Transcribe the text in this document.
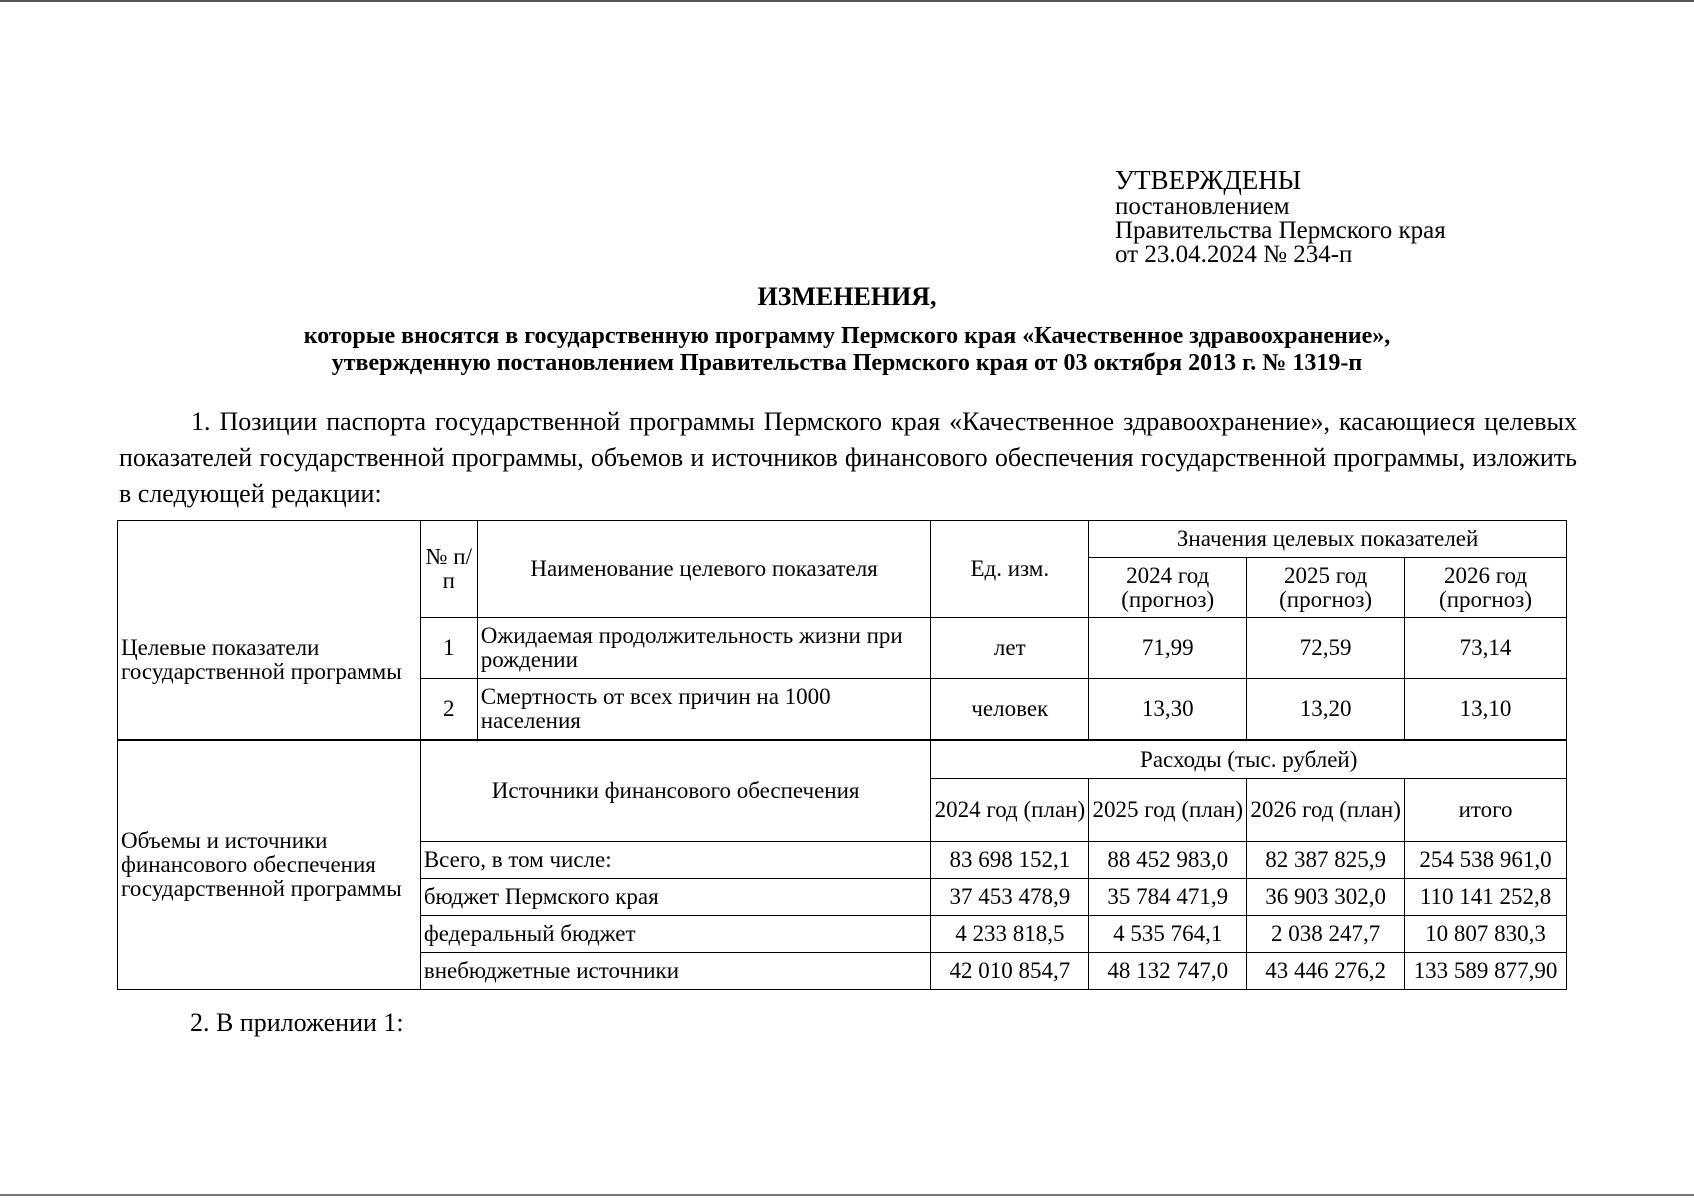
УТВЕРЖДЕНЫ
постановлением
Правительства Пермского края
от 23.04.2024 № 234-п
ИЗМЕНЕНИЯ,
которые вносятся в государственную программу Пермского края «Качественное здравоохранение»,
утвержденную постановлением Правительства Пермского края от 03 октября 2013 г. № 1319-п
1. Позиции паспорта государственной программы Пермского края «Качественное здравоохранение», касающиеся целевых показателей государственной программы, объемов и источников финансового обеспечения государственной программы, изложить в следующей редакции:
Целевые показатели государственной программы	№ п/п	Наименование целевого показателя	Ед. изм.	Значения целевых показателей		
				2024 год (прогноз)	2025 год (прогноз)	2026 год (прогноз)
	1	Ожидаемая продолжительность жизни при рождении	лет	71,99	72,59	73,14
	2	Смертность от всех причин на 1000 населения	человек	13,30	13,20	13,10
Объемы и источники финансового обеспечения государственной программы	Источники финансового обеспечения	Расходы (тыс. рублей)			
		2024 год (план)	2025 год (план)	2026 год (план)	итого
	Всего, в том числе:	83 698 152,1	88 452 983,0	82 387 825,9	254 538 961,0
	бюджет Пермского края	37 453 478,9	35 784 471,9	36 903 302,0	110 141 252,8
	федеральный бюджет	4 233 818,5	4 535 764,1	2 038 247,7	10 807 830,3
	внебюджетные источники	42 010 854,7	48 132 747,0	43 446 276,2	133 589 877,90
2. В приложении 1:
